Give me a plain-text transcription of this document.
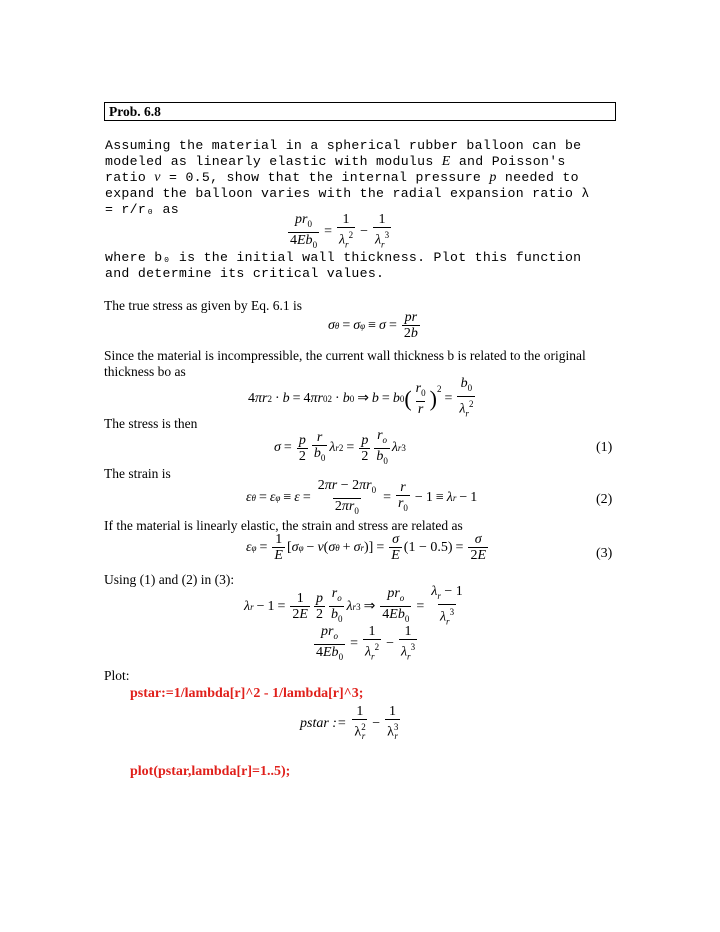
Prob. 6.8
Assuming the material in a spherical rubber balloon can be
modeled as linearly elastic with modulus E and Poisson's
ratio ν = 0.5, show that the internal pressure p needed to
expand the balloon varies with the radial expansion ratio λ
= r/r₀ as
$\frac{pr_0}{4Eb_0} = \frac{1}{\lambda_r^2} - \frac{1}{\lambda_r^3}$
where b₀ is the initial wall thickness. Plot this function
and determine its critical values.
The true stress as given by Eq. 6.1 is
σ θ = σ $\varphi \equiv \sigma = \frac{pr}{2b}$
Since the material is incompressible, the current wall thickness b is related to the original
thickness bo as
4 πr 2 · b = 4 πr 0 2 · b 0 ⇒ b = b 0 ( $\frac{r_0}{r} )^2$
= $\frac{b_0}{\lambda_r^2}$
The stress is then
$\sigma = \frac{p}{2} \frac{r}{b_0}$ λ r $2 = \frac{p}{2} \frac{r_o}{b_0}$ λ r 3	(1)
The strain is
ε θ = ε $\varphi \equiv \varepsilon = \frac{2\pi r - 2\pi r_0}{2\pi r_0} = \frac{r}{r_0} - 1 \equiv \lambda$ r − 1	(2)
If the material is linearly elastic, the strain and stress are related as
ε $\varphi = \frac{1}{E}$ [ σ φ − ν ( σ θ + σ r )] = $\frac{\sigma}{E} (1 - 0.5) = \frac{\sigma}{2E}$	(3)
Using (1) and (2) in (3):
λ $r - 1 = \frac{1}{2E} \frac{p}{2} \frac{r_o}{b_0}$ λ r 3 ⇒ $\frac{pr_o}{4Eb_0} = \frac{\lambda_r - 1}{\lambda_r^3}$
$\frac{pr_o}{4Eb_0} = \frac{1}{\lambda_r^2} - \frac{1}{\lambda_r^3}$
Plot:
pstar:=1/lambda[r]^2 - 1/lambda[r]^3;
pstar := $\frac{1}{\lambda^2_r} - \frac{1}{\lambda^3_r}$
plot(pstar,lambda[r]=1..5);
